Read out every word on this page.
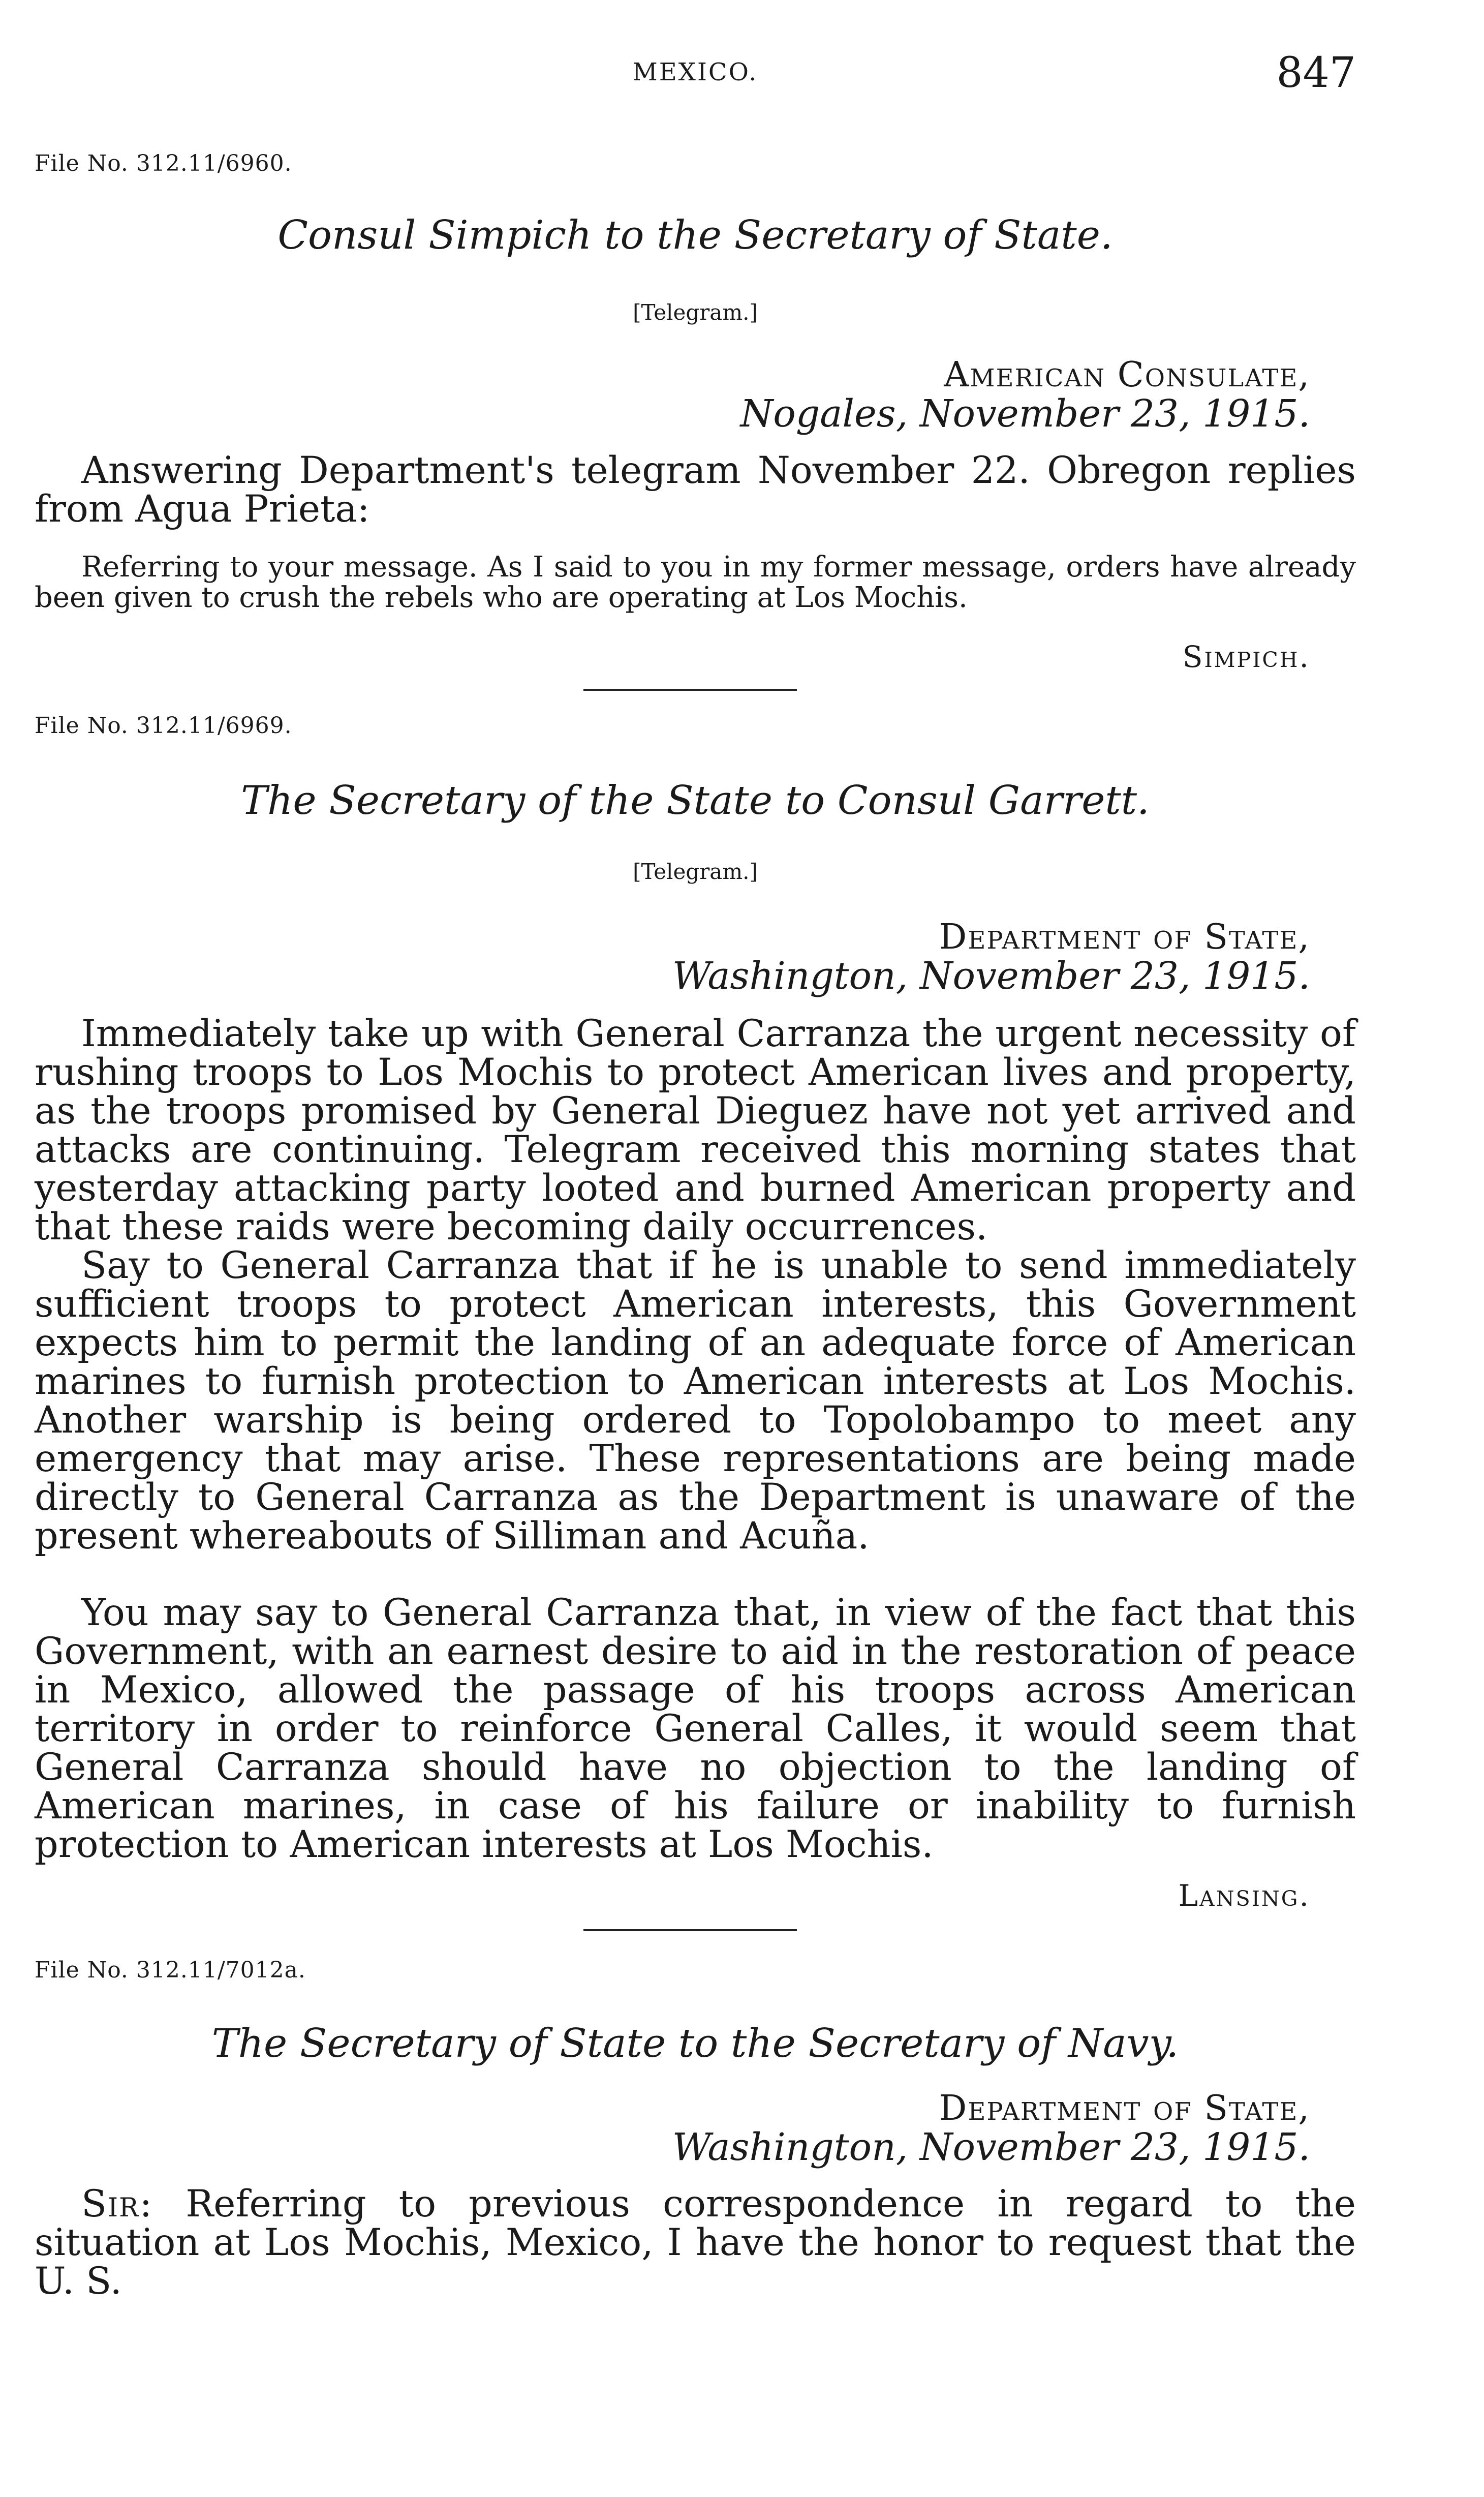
MEXICO.	847
File No. 312.11/6960.
Consul Simpich to the Secretary of State.
[Telegram.]
American Consulate,
Nogales, November 23, 1915.

Answering Department's telegram November 22. Obregon replies from Agua Prieta:

Referring to your message. As I said to you in my former message, orders have already been given to crush the rebels who are operating at Los Mochis.

Simpich.
File No. 312.11/6969.
The Secretary of the State to Consul Garrett.
[Telegram.]
Department of State,
Washington, November 23, 1915.

Immediately take up with General Carranza the urgent necessity of rushing troops to Los Mochis to protect American lives and property, as the troops promised by General Dieguez have not yet arrived and attacks are continuing. Telegram received this morning states that yesterday attacking party looted and burned American property and that these raids were becoming daily occurrences.

Say to General Carranza that if he is unable to send immediately sufficient troops to protect American interests, this Government expects him to permit the landing of an adequate force of American marines to furnish protection to American interests at Los Mochis. Another warship is being ordered to Topolobampo to meet any emergency that may arise. These representations are being made directly to General Carranza as the Department is unaware of the present whereabouts of Silliman and Acuña.

You may say to General Carranza that, in view of the fact that this Government, with an earnest desire to aid in the restoration of peace in Mexico, allowed the passage of his troops across American territory in order to reinforce General Calles, it would seem that General Carranza should have no objection to the landing of American marines, in case of his failure or inability to furnish protection to American interests at Los Mochis.

Lansing.
File No. 312.11/7012a.
The Secretary of State to the Secretary of Navy.
Department of State,
Washington, November 23, 1915.

Sir: Referring to previous correspondence in regard to the situation at Los Mochis, Mexico, I have the honor to request that the U. S.
